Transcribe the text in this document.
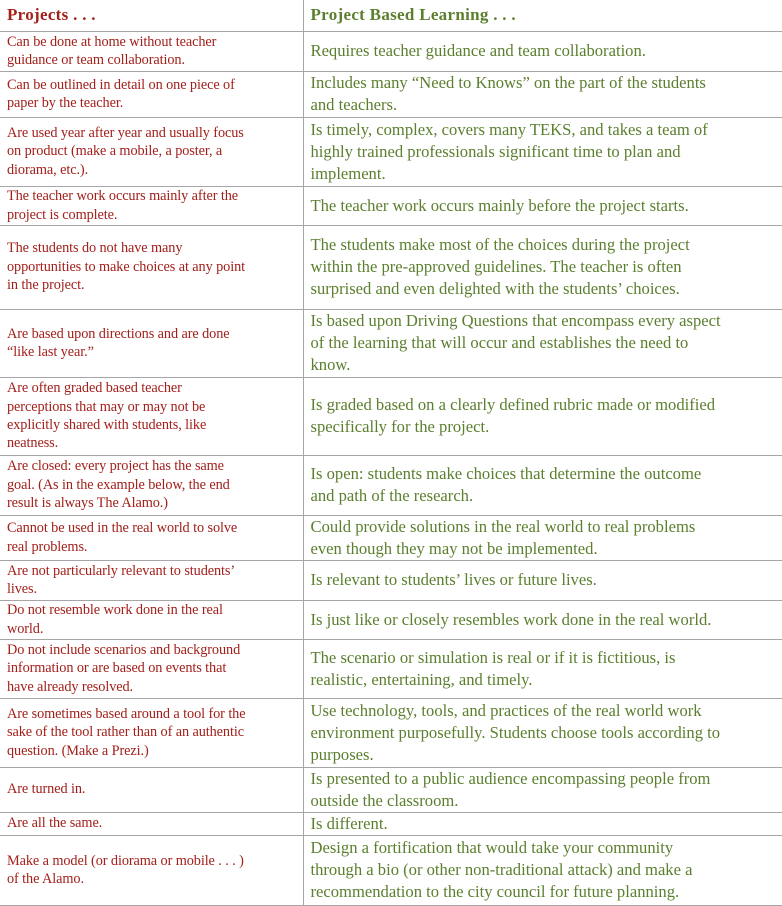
Projects . . .	Project Based Learning . . .

Can be done at home without teacher
guidance or team collaboration.	Requires teacher guidance and team collaboration.

Can be outlined in detail on one piece of
paper by the teacher.	Includes many “Need to Knows” on the part of the students
and teachers.

Are used year after year and usually focus
on product (make a mobile, a poster, a
diorama, etc.).	Is timely, complex, covers many TEKS, and takes a team of
highly trained professionals significant time to plan and
implement.

The teacher work occurs mainly after the
project is complete.	The teacher work occurs mainly before the project starts.

The students do not have many
opportunities to make choices at any point
in the project.	The students make most of the choices during the project
within the pre-approved guidelines. The teacher is often
surprised and even delighted with the students’ choices.

Are based upon directions and are done
“like last year.”	Is based upon Driving Questions that encompass every aspect
of the learning that will occur and establishes the need to
know.

Are often graded based teacher
perceptions that may or may not be
explicitly shared with students, like
neatness.	Is graded based on a clearly defined rubric made or modified
specifically for the project.

Are closed: every project has the same
goal. (As in the example below, the end
result is always The Alamo.)	Is open: students make choices that determine the outcome
and path of the research.

Cannot be used in the real world to solve
real problems.	Could provide solutions in the real world to real problems
even though they may not be implemented.

Are not particularly relevant to students’
lives.	Is relevant to students’ lives or future lives.

Do not resemble work done in the real
world.	Is just like or closely resembles work done in the real world.

Do not include scenarios and background
information or are based on events that
have already resolved.	The scenario or simulation is real or if it is fictitious, is
realistic, entertaining, and timely.

Are sometimes based around a tool for the
sake of the tool rather than of an authentic
question. (Make a Prezi.)	Use technology, tools, and practices of the real world work
environment purposefully. Students choose tools according to
purposes.

Are turned in.	Is presented to a public audience encompassing people from
outside the classroom.

Are all the same.	Is different.

Make a model (or diorama or mobile . . . )
of the Alamo.	Design a fortification that would take your community
through a bio (or other non-traditional attack) and make a
recommendation to the city council for future planning.
